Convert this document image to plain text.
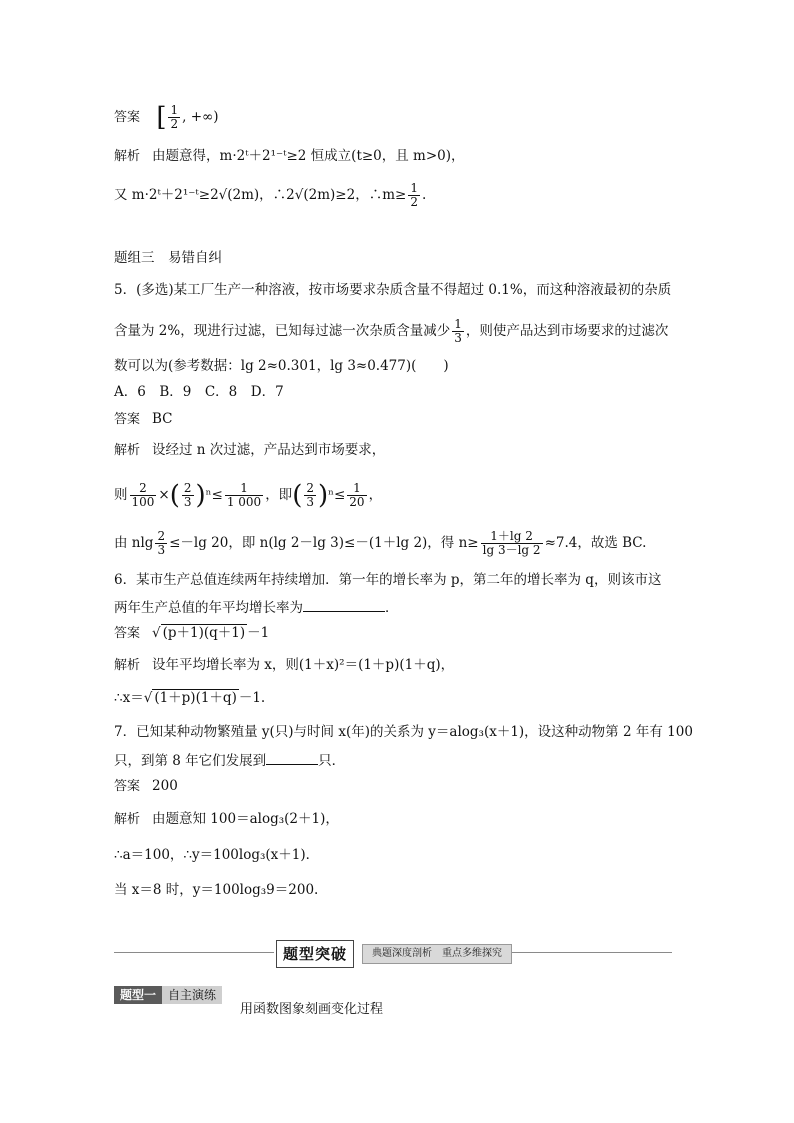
答案 [ $\frac{1}{2}$ , +∞)
解析 由题意得，m·2ᵗ＋2¹⁻ᵗ≥2 恒成立(t≥0，且 m>0)，
又 m·2ᵗ＋2¹⁻ᵗ≥2√(2m)，∴2√(2m)≥2，∴m≥ $\frac{1}{2}$ .
题组三　易错自纠
5．(多选)某工厂生产一种溶液，按市场要求杂质含量不得超过 0.1%，而这种溶液最初的杂质
含量为 2%，现进行过滤，已知每过滤一次杂质含量减少 $\frac{1}{3}$ ，则使产品达到市场要求的过滤次
数可以为(参考数据：lg 2≈0.301，lg 3≈0.477)(　　)
A．6　B．9　C．8　D．7
答案 BC
解析 设经过 n 次过滤，产品达到市场要求，
则 $\frac{2}{100}$ ×( $\frac{2}{3} )^n\le \frac{1}{1 000}$ ，即( $\frac{2}{3} )^n\le \frac{1}{20}$ ，
由 nlg $\frac{2}{3} \le-\lg$ 20，即 n(lg 2－lg 3)≤－(1＋lg 2)，得 $n\ge \frac{1+\lg 2}{\lg 3-\lg 2} \approx 7.4$，故选 BC.
6．某市生产总值连续两年持续增加．第一年的增长率为 p，第二年的增长率为 q，则该市这
两年生产总值的年平均增长率为	．
答案 √ (p＋1)(q＋1) －1
解析 设年平均增长率为 x，则(1＋x)²＝(1＋p)(1＋q)，
∴x＝√ (1＋p)(1＋q) －1.
7．已知某种动物繁殖量 y(只)与时间 x(年)的关系为 y＝alog₃(x＋1)，设这种动物第 2 年有 100
只，到第 8 年它们发展到	只．
答案 200
解析 由题意知 100＝alog₃(2＋1)，
∴a＝100，∴y＝100log₃(x＋1)．
当 x＝8 时，y＝100log₃9＝200.
题型突破	典题深度剖析　重点多维探究
题型一	自主演练
用函数图象刻画变化过程
